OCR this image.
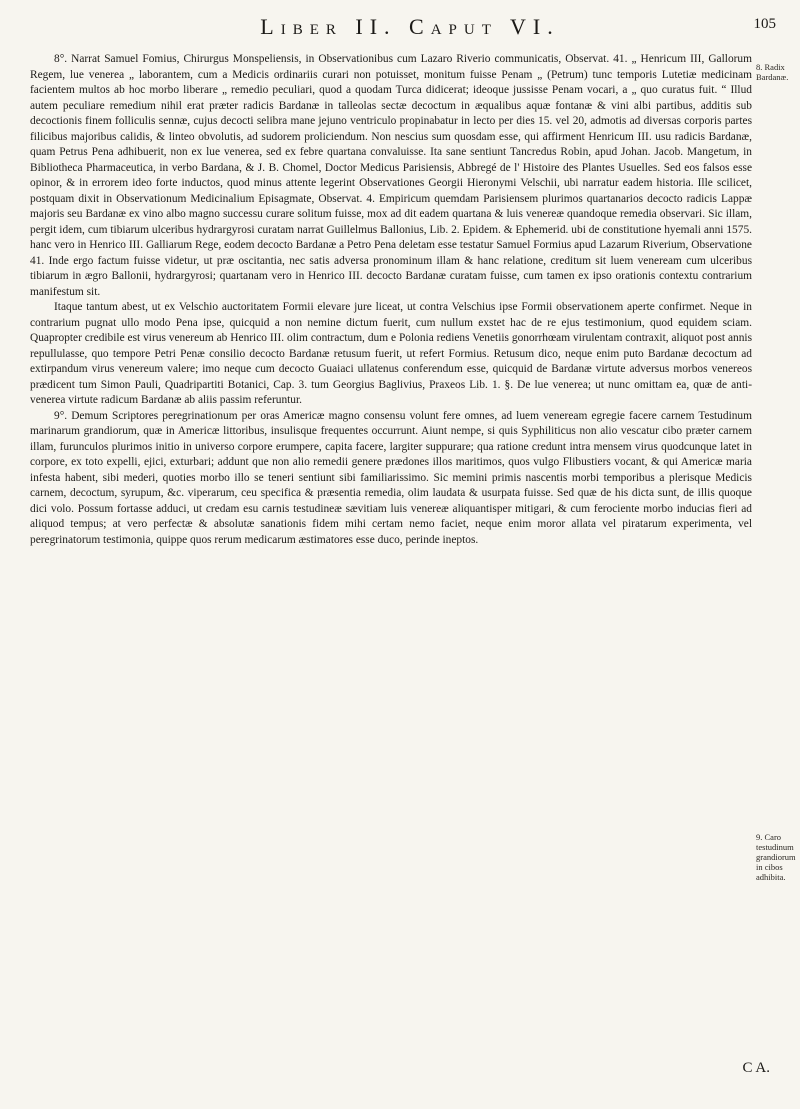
Liber II. Caput VI.	105

8°. Narrat Samuel Fomius, Chirurgus Monspeliensis, in Observationibus cum Lazaro Riverio communicatis, Observat. 41. „ Henricum III, Gallorum Regem, lue venerea „ laborantem, cum a Medicis ordinariis curari non potuisset, monitum fuisse Penam „ (Petrum) tunc temporis Lutetiæ medicinam facientem multos ab hoc morbo liberare „ remedio peculiari, quod a quodam Turca didicerat; ideoque jussisse Penam vocari, a „ quo curatus fuit. “ Illud autem peculiare remedium nihil erat præter radicis Bardanæ in talleolas sectæ decoctum in æqualibus aquæ fontanæ & vini albi partibus, additis sub decoctionis finem folliculis sennæ, cujus decocti selibra mane jejuno ventriculo propinabatur in lecto per dies 15. vel 20, admotis ad diversas corporis partes filicibus majoribus calidis, & linteo obvolutis, ad sudorem proliciendum. Non nescius sum quosdam esse, qui affirment Henricum III. usu radicis Bardanæ, quam Petrus Pena adhibuerit, non ex lue venerea, sed ex febre quartana convaluisse. Ita sane sentiunt Tancredus Robin, apud Johan. Jacob. Mangetum, in Bibliotheca Pharmaceutica, in verbo Bardana, & J. B. Chomel, Doctor Medicus Parisiensis, Abbregé de l' Histoire des Plantes Usuelles. Sed eos falsos esse opinor, & in errorem ideo forte inductos, quod minus attente legerint Observationes Georgii Hieronymi Velschii, ubi narratur eadem historia. Ille scilicet, postquam dixit in Observationum Medicinalium Episagmate, Observat. 4. Empiricum quemdam Parisiensem plurimos quartanarios decocto radicis Lappæ majoris seu Bardanæ ex vino albo magno successu curare solitum fuisse, mox ad dit eadem quartana & luis venereæ quandoque remedia observari. Sic illam, pergit idem, cum tibiarum ulceribus hydrargyrosi curatam narrat Guillelmus Ballonius, Lib. 2. Epidem. & Ephemerid. ubi de constitutione hyemali anni 1575. hanc vero in Henrico III. Galliarum Rege, eodem decocto Bardanæ a Petro Pena deletam esse testatur Samuel Formius apud Lazarum Riverium, Observatione 41. Inde ergo factum fuisse videtur, ut præ oscitantia, nec satis adversa pronominum illam & hanc relatione, creditum sit luem veneream cum ulceribus tibiarum in ægro Ballonii, hydrargyrosi; quartanam vero in Henrico III. decocto Bardanæ curatam fuisse, cum tamen ex ipso orationis contextu contrarium manifestum sit.

Itaque tantum abest, ut ex Velschio auctoritatem Formii elevare jure liceat, ut contra Velschius ipse Formii observationem aperte confirmet. Neque in contrarium pugnat ullo modo Pena ipse, quicquid a non nemine dictum fuerit, cum nullum exstet hac de re ejus testimonium, quod equidem sciam. Quapropter credibile est virus venereum ab Henrico III. olim contractum, dum e Polonia rediens Venetiis gonorrhœam virulentam contraxit, aliquot post annis repullulasse, quo tempore Petri Penæ consilio decocto Bardanæ retusum fuerit, ut refert Formius. Retusum dico, neque enim puto Bardanæ decoctum ad extirpandum virus venereum valere; imo neque cum decocto Guaiaci ullatenus conferendum esse, quicquid de Bardanæ virtute adversus morbos venereos prædicent tum Simon Pauli, Quadripartiti Botanici, Cap. 3. tum Georgius Baglivius, Praxeos Lib. 1. §. De lue venerea; ut nunc omittam ea, quæ de anti-venerea virtute radicum Bardanæ ab aliis passim referuntur.

9°. Demum Scriptores peregrinationum per oras Americæ magno consensu volunt fere omnes, ad luem veneream egregie facere carnem Testudinum marinarum grandiorum, quæ in Americæ littoribus, insulisque frequentes occurrunt. Aiunt nempe, si quis Syphiliticus non alio vescatur cibo præter carnem illam, furunculos plurimos initio in universo corpore erumpere, capita facere, largiter suppurare; qua ratione credunt intra mensem virus quodcunque latet in corpore, ex toto expelli, ejici, exturbari; addunt que non alio remedii genere prædones illos maritimos, quos vulgo Flibustiers vocant, & qui Americæ maria infesta habent, sibi mederi, quoties morbo illo se teneri sentiunt sibi familiarissimo. Sic memini primis nascentis morbi temporibus a plerisque Medicis carnem, decoctum, syrupum, &c. viperarum, ceu specifica & præsentia remedia, olim laudata & usurpata fuisse. Sed quæ de his dicta sunt, de illis quoque dici volo. Possum fortasse adduci, ut credam esu carnis testudineæ sævitiam luis venereæ aliquantisper mitigari, & cum ferociente morbo inducias fieri ad aliquod tempus; at vero perfectæ & absolutæ sanationis fidem mihi certam nemo faciet, neque enim moror allata vel piratarum experimenta, vel peregrinatorum testimonia, quippe quos rerum medicarum æstimatores esse duco, perinde ineptos.

8. Radix Bardanæ.
9. Caro testudinum grandiorum in cibos adhibita.
C A.
